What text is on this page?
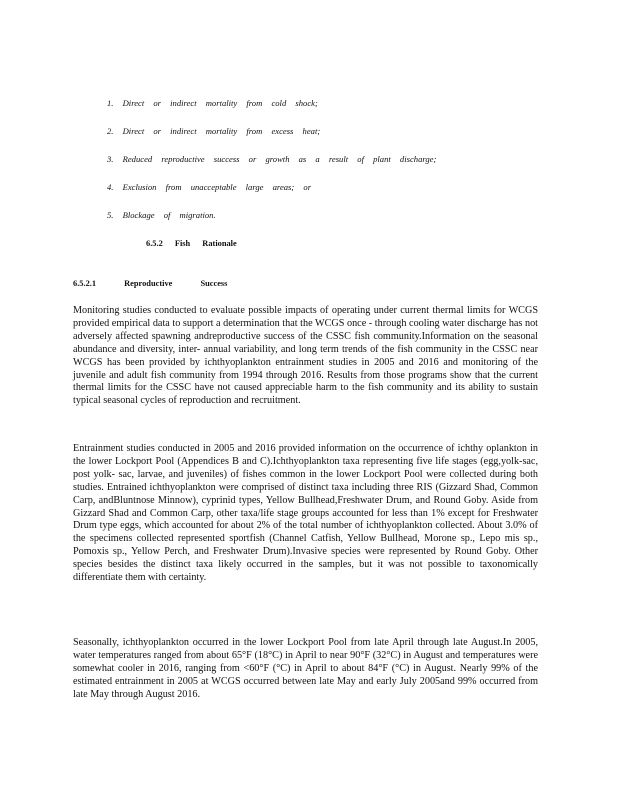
1. Direct or indirect mortality from cold shock;
2. Direct or indirect mortality from excess heat;
3. Reduced reproductive success or growth as a result of plant discharge;
4. Exclusion from unacceptable large areas; or
5. Blockage of migration.
6.5.2 Fish Rationale
6.5.2.1 Reproductive Success

Monitoring studies conducted to evaluate possible impacts of operating under current thermal limits for WCGS provided empirical data to support a determination that the WCGS once - through cooling water discharge has not adversely affected spawning andreproductive success of the CSSC fish community.Information on the seasonal abundance and diversity, inter- annual variability, and long term trends of the fish community in the CSSC near WCGS has been provided by ichthyoplankton entrainment studies in 2005 and 2016 and monitoring of the juvenile and adult fish community from 1994 through 2016. Results from those programs show that the current thermal limits for the CSSC have not caused appreciable harm to the fish community and its ability to sustain typical seasonal cycles of reproduction and recruitment.

Entrainment studies conducted in 2005 and 2016 provided information on the occurrence of ichthy oplankton in the lower Lockport Pool (Appendices B and C).Ichthyoplankton taxa representing five life stages (egg,yolk-sac, post yolk- sac, larvae, and juveniles) of fishes common in the lower Lockport Pool were collected during both studies. Entrained ichthyoplankton were comprised of distinct taxa including three RIS (Gizzard Shad, Common Carp, andBluntnose Minnow), cyprinid types, Yellow Bullhead,Freshwater Drum, and Round Goby. Aside from Gizzard Shad and Common Carp, other taxa/life stage groups accounted for less than 1% except for Freshwater Drum type eggs, which accounted for about 2% of the total number of ichthyoplankton collected. About 3.0% of the specimens collected represented sportfish (Channel Catfish, Yellow Bullhead, Morone sp., Lepo mis sp., Pomoxis sp., Yellow Perch, and Freshwater Drum).Invasive species were represented by Round Goby. Other species besides the distinct taxa likely occurred in the samples, but it was not possible to taxonomically differentiate them with certainty.

Seasonally, ichthyoplankton occurred in the lower Lockport Pool from late April through late August.In 2005, water temperatures ranged from about 65°F (18°C) in April to near 90°F (32°C) in August and temperatures were somewhat cooler in 2016, ranging from <60°F (°C) in April to about 84°F (°C) in August. Nearly 99% of the estimated entrainment in 2005 at WCGS occurred between late May and early July 2005and 99% occurred from late May through August 2016.
